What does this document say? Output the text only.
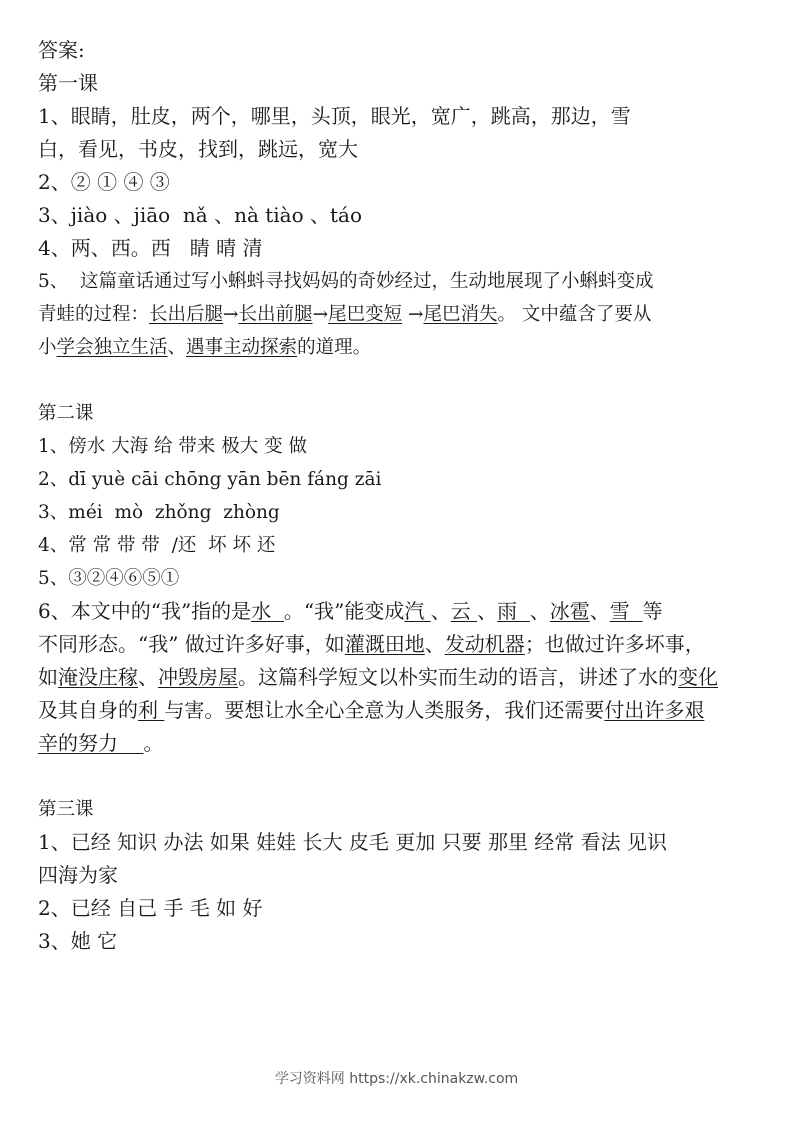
答案:

第一课

1、眼睛，肚皮，两个，哪里，头顶，眼光，宽广，跳高，那边，雪

白，看见，书皮，找到，跳远，宽大

2、② ① ④ ③

3、jiào 、jiāo  nǎ 、nà tiào 、táo

4、两、西。西   睛 晴 清

5、  这篇童话通过写小蝌蚪寻找妈妈的奇妙经过，生动地展现了小蝌蚪变成

青蛙的过程：长出后腿→长出前腿→尾巴变短 →尾巴消失。 文中蕴含了要从

小学会独立生活、遇事主动探索的道理。

第二课

1、傍水 大海 给 带来 极大 变 做

2、dī yuè cāi chōng yān bēn fáng zāi

3、méi  mò  zhǒng  zhòng

4、常 常 带 带  /还  坏 坏 还

5、③②④⑥⑤①

6、本文中的“我”指的是水  。“我”能变成汽 、云 、雨  、冰雹、雪  等

不同形态。“我” 做过许多好事，如灌溉田地、发动机器；也做过许多坏事，

如淹没庄稼、冲毁房屋。这篇科学短文以朴实而生动的语言，讲述了水的变化

及其自身的利 与害。要想让水全心全意为人类服务，我们还需要付出许多艰

辛的努力    。

第三课

1、已经 知识 办法 如果 娃娃 长大 皮毛 更加 只要 那里 经常 看法 见识

四海为家

2、已经 自己 手 毛 如 好

3、她 它

学习资料网 https://xk.chinakzw.com
